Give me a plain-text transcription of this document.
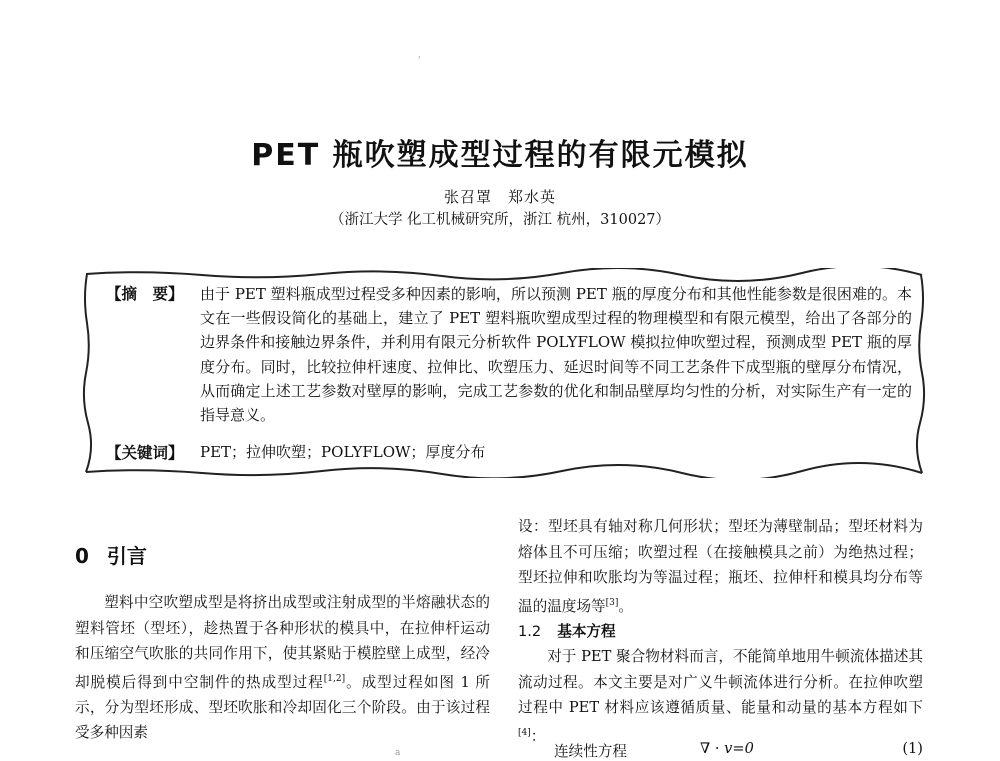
'
PET 瓶吹塑成型过程的有限元模拟
张召罩　郑水英
（浙江大学 化工机械研究所，浙江 杭州，310027）
【摘　要】 由于 PET 塑料瓶成型过程受多种因素的影响，所以预测 PET 瓶的厚度分布和其他性能参数是很困难的。本文在一些假设简化的基础上，建立了 PET 塑料瓶吹塑成型过程的物理模型和有限元模型，给出了各部分的边界条件和接触边界条件，并利用有限元分析软件 POLYFLOW 模拟拉伸吹塑过程，预测成型 PET 瓶的厚度分布。同时，比较拉伸杆速度、拉伸比、吹塑压力、延迟时间等不同工艺条件下成型瓶的壁厚分布情况，从而确定上述工艺参数对壁厚的影响，完成工艺参数的优化和制品壁厚均匀性的分析，对实际生产有一定的指导意义。
【关键词】 PET；拉伸吹塑；POLYFLOW；厚度分布
0 引言

塑料中空吹塑成型是将挤出成型或注射成型的半熔融状态的塑料管坯（型坯），趁热置于各种形状的模具中，在拉伸杆运动和压缩空气吹胀的共同作用下，使其紧贴于模腔壁上成型，经冷却脱模后得到中空制件的热成型过程[1,2]。成型过程如图 1 所示，分为型坯形成、型坯吹胀和冷却固化三个阶段。由于该过程受多种因素

设：型坯具有轴对称几何形状；型坯为薄壁制品；型坯材料为熔体且不可压缩；吹塑过程（在接触模具之前）为绝热过程；型坯拉伸和吹胀均为等温过程；瓶坯、拉伸杆和模具均分布等温的温度场等[3]。

1.2 基本方程

对于 PET 聚合物材料而言，不能简单地用牛顿流体描述其流动过程。本文主要是对广义牛顿流体进行分析。在拉伸吹塑过程中 PET 材料应该遵循质量、能量和动量的基本方程如下[4]：

连续性方程	∇ · v=0	(1)
a
